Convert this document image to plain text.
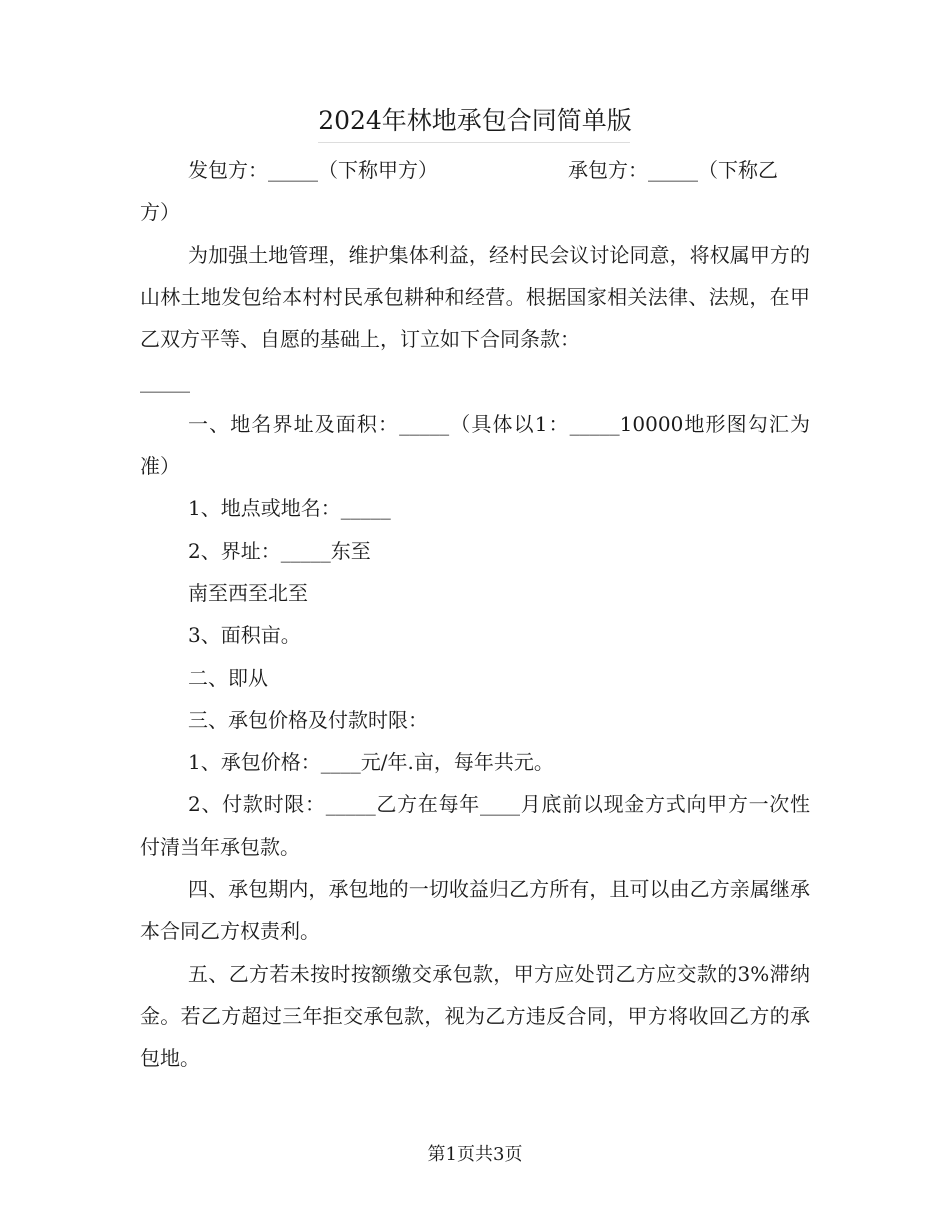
2024年林地承包合同简单版
发包方：_____（下称甲方）	承包方：_____（下称乙

方）

为加强土地管理，维护集体利益，经村民会议讨论同意，将权属甲方的山林土地发包给本村村民承包耕种和经营。根据国家相关法律、法规，在甲乙双方平等、自愿的基础上，订立如下合同条款：

_____

一、地名界址及面积：_____（具体以1：_____10000地形图勾汇为准）

1、地点或地名：_____

2、界址：_____东至

南至西至北至

3、面积亩。

二、即从

三、承包价格及付款时限：

1、承包价格：____元/年.亩，每年共元。

2、付款时限：_____乙方在每年____月底前以现金方式向甲方一次性付清当年承包款。

四、承包期内，承包地的一切收益归乙方所有，且可以由乙方亲属继承本合同乙方权责利。

五、乙方若未按时按额缴交承包款，甲方应处罚乙方应交款的3%滞纳金。若乙方超过三年拒交承包款，视为乙方违反合同，甲方将收回乙方的承包地。

第1页共3页
